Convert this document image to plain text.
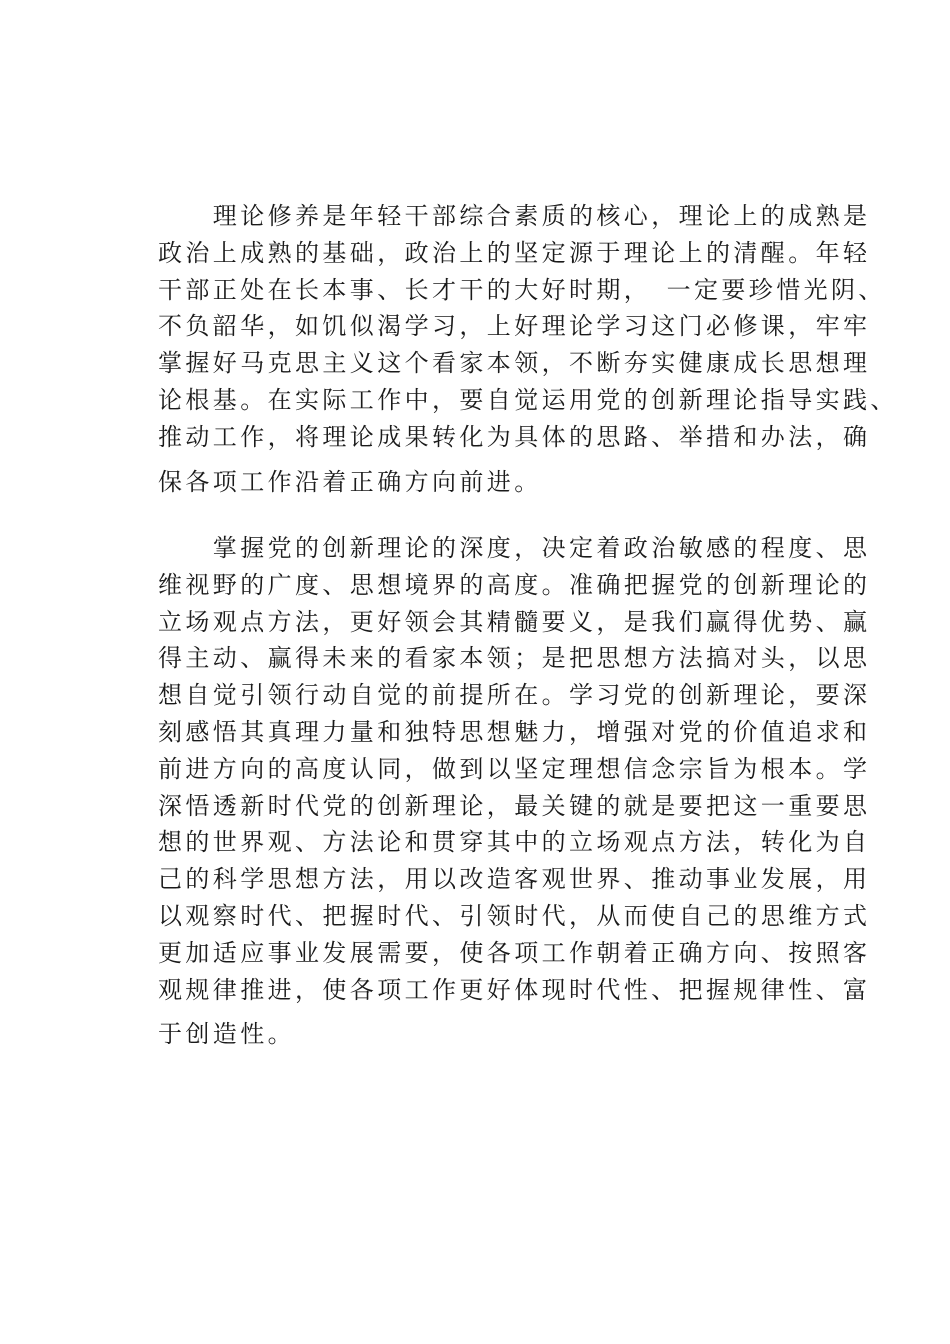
　　理论修养是年轻干部综合素质的核心，理论上的成熟是
政治上成熟的基础，政治上的坚定源于理论上的清醒。年轻
干部正处在长本事、长才干的大好时期，　一定要珍惜光阴、
不负韶华，如饥似渴学习，上好理论学习这门必修课，牢牢
掌握好马克思主义这个看家本领，不断夯实健康成长思想理
论根基。在实际工作中，要自觉运用党的创新理论指导实践、
推动工作，将理论成果转化为具体的思路、举措和办法，确
保各项工作沿着正确方向前进。
　　掌握党的创新理论的深度，决定着政治敏感的程度、思
维视野的广度、思想境界的高度。准确把握党的创新理论的
立场观点方法，更好领会其精髓要义，是我们赢得优势、赢
得主动、赢得未来的看家本领；是把思想方法搞对头，以思
想自觉引领行动自觉的前提所在。学习党的创新理论，要深
刻感悟其真理力量和独特思想魅力，增强对党的价值追求和
前进方向的高度认同，做到以坚定理想信念宗旨为根本。学
深悟透新时代党的创新理论，最关键的就是要把这一重要思
想的世界观、方法论和贯穿其中的立场观点方法，转化为自
己的科学思想方法，用以改造客观世界、推动事业发展，用
以观察时代、把握时代、引领时代，从而使自己的思维方式
更加适应事业发展需要，使各项工作朝着正确方向、按照客
观规律推进，使各项工作更好体现时代性、把握规律性、富
于创造性。
